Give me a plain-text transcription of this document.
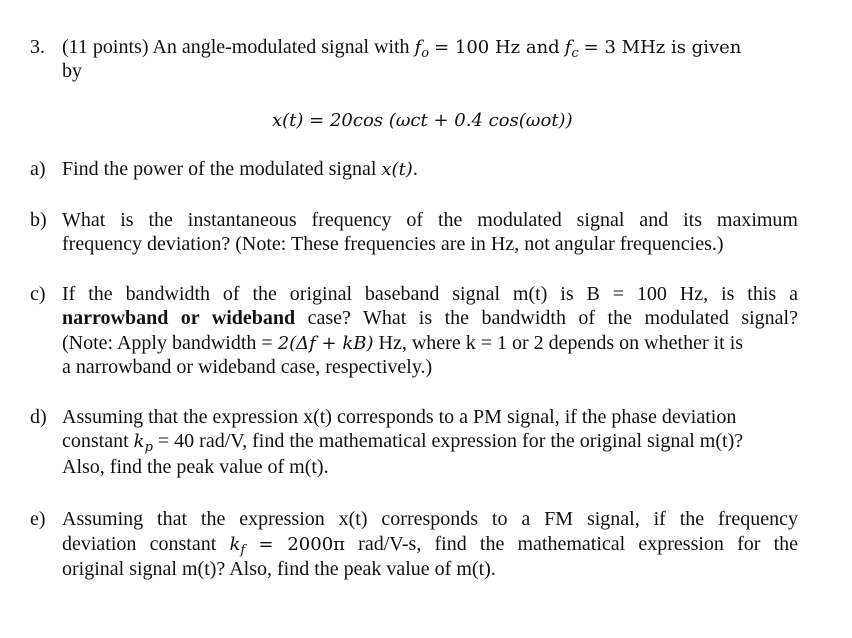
3. (11 points) An angle-modulated signal with $f_o = 100$ Hz and $f_c = 3$ MHz is given
by
x(t) = 20cos (ωct + 0.4 cos(ωot))
a) Find the power of the modulated signal x(t).
b) What is the instantaneous frequency of the modulated signal and its maximum
frequency deviation? (Note: These frequencies are in Hz, not angular frequencies.)
c) If the bandwidth of the original baseband signal m(t) is B = 100 Hz, is this a
narrowband or wideband case? What is the bandwidth of the modulated signal?
(Note: Apply bandwidth = 2(Δf + kB) Hz, where k = 1 or 2 depends on whether it is
a narrowband or wideband case, respectively.)
d) Assuming that the expression x(t) corresponds to a PM signal, if the phase deviation
constant $k_p = 40$ rad/V, find the mathematical expression for the original signal m(t)?
Also, find the peak value of m(t).
e) Assuming that the expression x(t) corresponds to a FM signal, if the frequency
deviation constant $k_f = 2000\pi$ rad/V-s, find the mathematical expression for the
original signal m(t)? Also, find the peak value of m(t).
